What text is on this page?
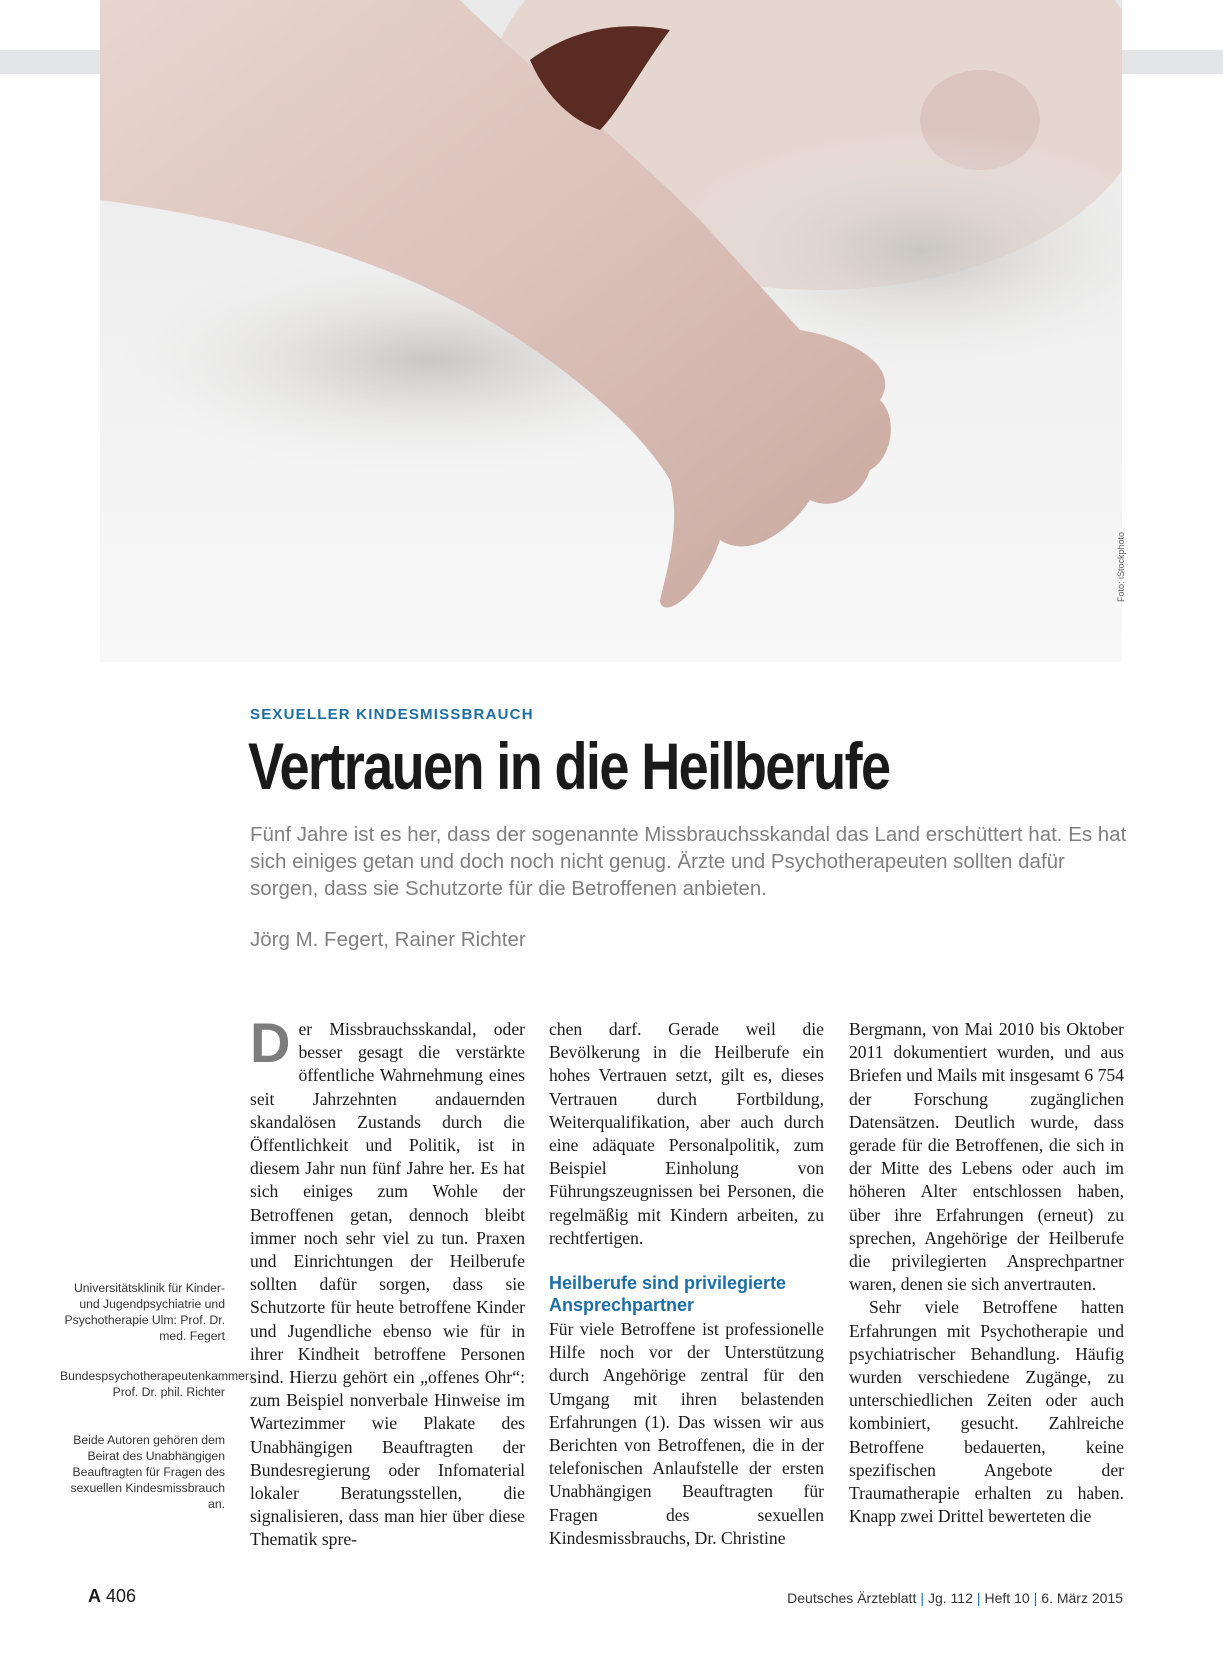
Foto: iStockphoto
SEXUELLER KINDESMISSBRAUCH
Vertrauen in die Heilberufe

Fünf Jahre ist es her, dass der sogenannte Missbrauchsskandal das Land erschüttert hat. Es hat sich einiges getan und doch noch nicht genug. Ärzte und Psychotherapeuten sollten dafür sorgen, dass sie Schutzorte für die Betroffenen anbieten.

Jörg M. Fegert, Rainer Richter

Der Missbrauchsskandal, oder besser gesagt die verstärkte öffentliche Wahrnehmung eines seit Jahrzehnten andauernden skandalösen Zustands durch die Öffentlichkeit und Politik, ist in diesem Jahr nun fünf Jahre her. Es hat sich einiges zum Wohle der Betroffenen getan, dennoch bleibt immer noch sehr viel zu tun. Praxen und Einrichtungen der Heilberufe sollten dafür sorgen, dass sie Schutzorte für heute betroffene Kinder und Jugendliche ebenso wie für in ihrer Kindheit betroffene Personen sind. Hierzu gehört ein „offenes Ohr“: zum Beispiel nonverbale Hinweise im Wartezimmer wie Plakate des Unabhängigen Beauftragten der Bundesregierung oder Infomaterial lokaler Beratungsstellen, die signalisieren, dass man hier über diese Thematik spre-

chen darf. Gerade weil die Bevölkerung in die Heilberufe ein hohes Vertrauen setzt, gilt es, dieses Vertrauen durch Fortbildung, Weiterqualifikation, aber auch durch eine adäquate Personalpolitik, zum Beispiel Einholung von Führungszeugnissen bei Personen, die regelmäßig mit Kindern arbeiten, zu rechtfertigen.

Heilberufe sind privilegierte Ansprechpartner

Für viele Betroffene ist professionelle Hilfe noch vor der Unterstützung durch Angehörige zentral für den Umgang mit ihren belastenden Erfahrungen (1). Das wissen wir aus Berichten von Betroffenen, die in der telefonischen Anlaufstelle der ersten Unabhängigen Beauftragten für Fragen des sexuellen Kindesmissbrauchs, Dr. Christine

Bergmann, von Mai 2010 bis Oktober 2011 dokumentiert wurden, und aus Briefen und Mails mit insgesamt 6 754 der Forschung zugänglichen Datensätzen. Deutlich wurde, dass gerade für die Betroffenen, die sich in der Mitte des Lebens oder auch im höheren Alter entschlossen haben, über ihre Erfahrungen (erneut) zu sprechen, Angehörige der Heilberufe die privilegierten Ansprechpartner waren, denen sie sich anvertrauten.

Sehr viele Betroffene hatten Erfahrungen mit Psychotherapie und psychiatrischer Behandlung. Häufig wurden verschiedene Zugänge, zu unterschiedlichen Zeiten oder auch kombiniert, gesucht. Zahlreiche Betroffene bedauerten, keine spezifischen Angebote der Traumatherapie erhalten zu haben. Knapp zwei Drittel bewerteten die

Universitätsklinik für Kinder- und Jugendpsychiatrie und Psychotherapie Ulm: Prof. Dr. med. Fegert
Bundespsychotherapeutenkammer: Prof. Dr. phil. Richter
Beide Autoren gehören dem Beirat des Unabhängigen Beauftragten für Fragen des sexuellen Kindesmissbrauch an.
A 406	Deutsches Ärzteblatt | Jg. 112 | Heft 10 | 6. März 2015
